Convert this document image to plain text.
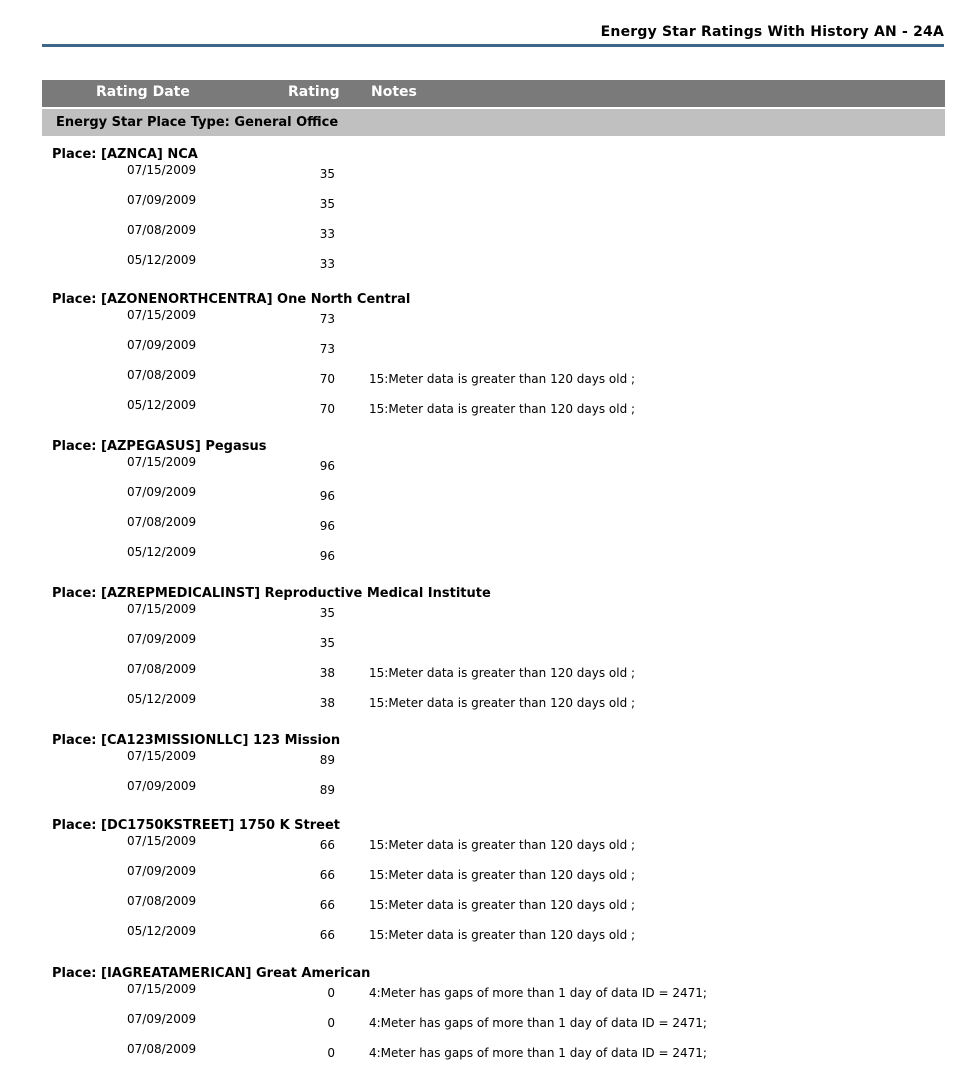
Energy Star Ratings With History AN - 24A
Rating Date	Rating Notes
Energy Star Place Type: General Office
Place: [AZNCA] NCA
07/15/2009	35
07/09/2009	35
07/08/2009	33
05/12/2009	33
Place: [AZONENORTHCENTRA] One North Central
07/15/2009	73
07/09/2009	73
07/08/2009	70	15:Meter data is greater than 120 days old ;
05/12/2009	70	15:Meter data is greater than 120 days old ;
Place: [AZPEGASUS] Pegasus
07/15/2009	96
07/09/2009	96
07/08/2009	96
05/12/2009	96
Place: [AZREPMEDICALINST] Reproductive Medical Institute
07/15/2009	35
07/09/2009	35
07/08/2009	38	15:Meter data is greater than 120 days old ;
05/12/2009	38	15:Meter data is greater than 120 days old ;
Place: [CA123MISSIONLLC] 123 Mission
07/15/2009	89
07/09/2009	89
Place: [DC1750KSTREET] 1750 K Street
07/15/2009	66	15:Meter data is greater than 120 days old ;
07/09/2009	66	15:Meter data is greater than 120 days old ;
07/08/2009	66	15:Meter data is greater than 120 days old ;
05/12/2009	66	15:Meter data is greater than 120 days old ;
Place: [IAGREATAMERICAN] Great American
07/15/2009	0	4:Meter has gaps of more than 1 day of data ID = 2471;
07/09/2009	0	4:Meter has gaps of more than 1 day of data ID = 2471;
07/08/2009	0	4:Meter has gaps of more than 1 day of data ID = 2471;
